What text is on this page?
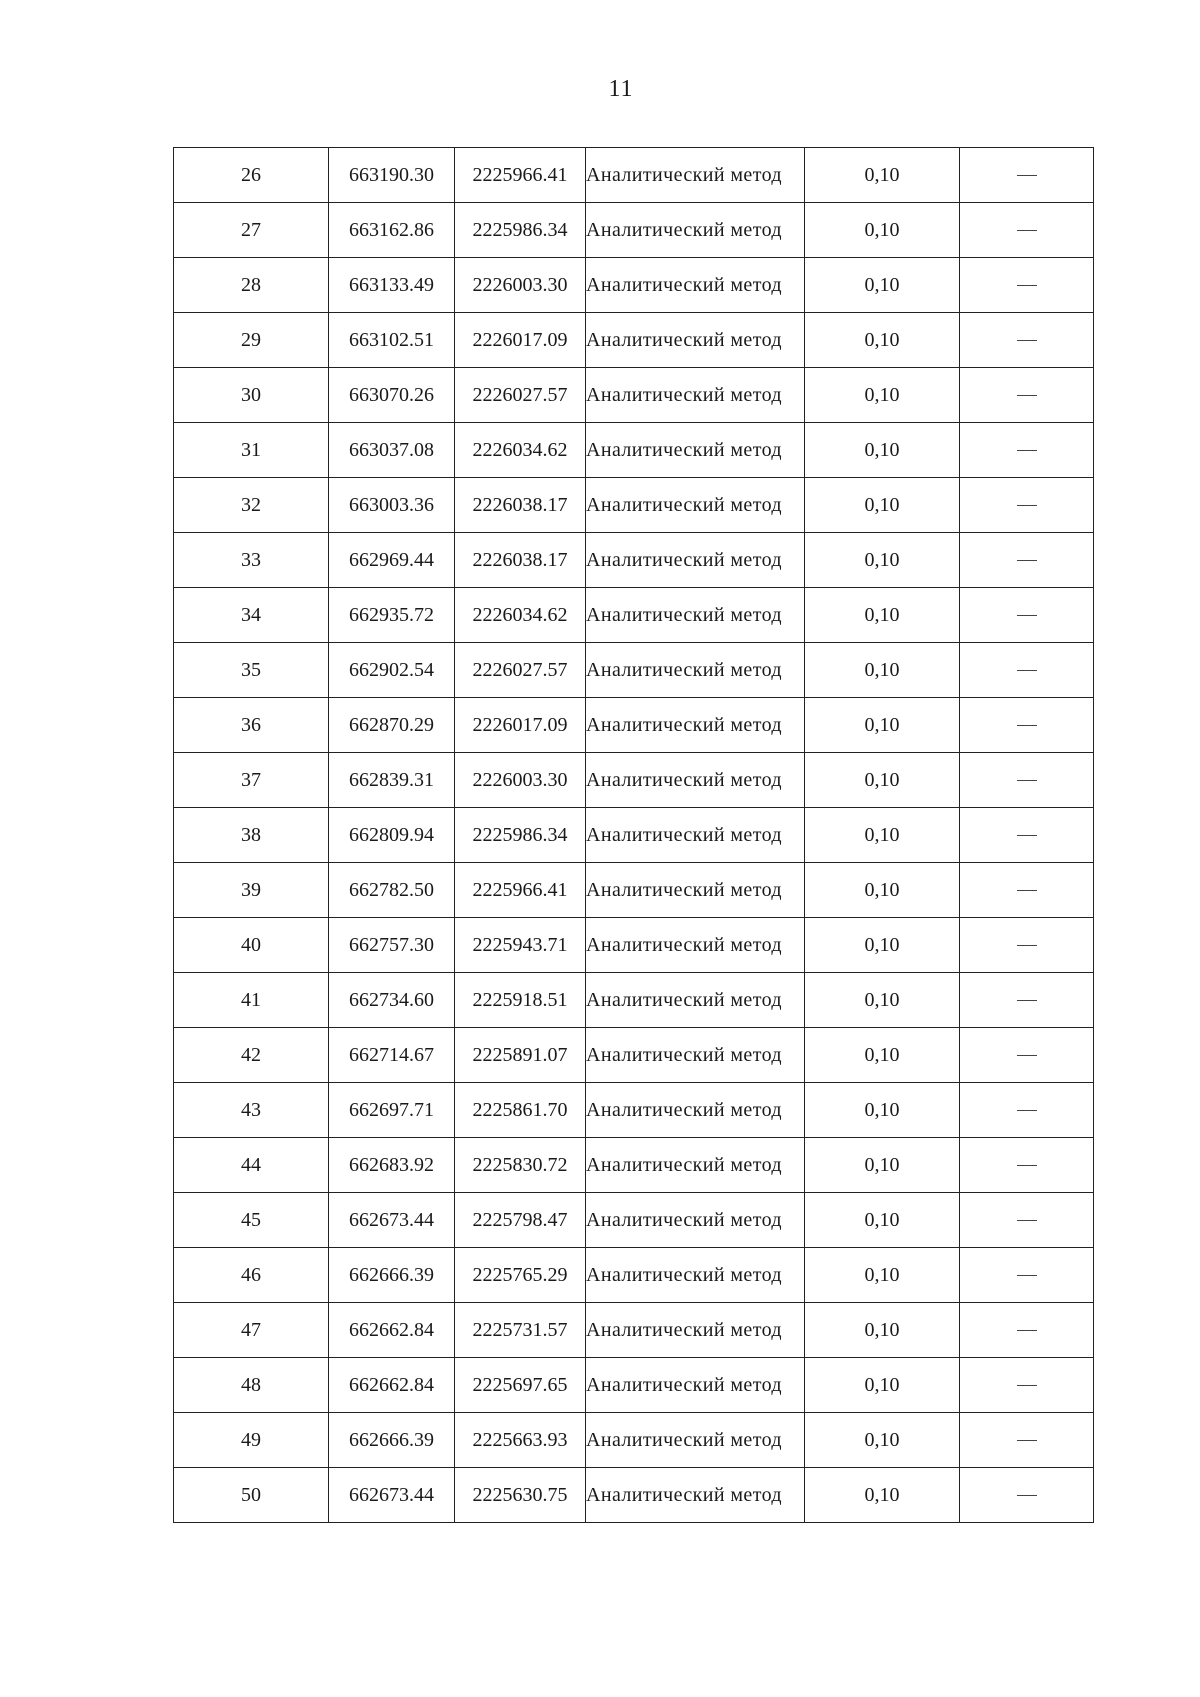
11
26	663190.30	2225966.41	Аналитический метод	0,10	
27	663162.86	2225986.34	Аналитический метод	0,10	
28	663133.49	2226003.30	Аналитический метод	0,10	
29	663102.51	2226017.09	Аналитический метод	0,10	
30	663070.26	2226027.57	Аналитический метод	0,10	
31	663037.08	2226034.62	Аналитический метод	0,10	
32	663003.36	2226038.17	Аналитический метод	0,10	
33	662969.44	2226038.17	Аналитический метод	0,10	
34	662935.72	2226034.62	Аналитический метод	0,10	
35	662902.54	2226027.57	Аналитический метод	0,10	
36	662870.29	2226017.09	Аналитический метод	0,10	
37	662839.31	2226003.30	Аналитический метод	0,10	
38	662809.94	2225986.34	Аналитический метод	0,10	
39	662782.50	2225966.41	Аналитический метод	0,10	
40	662757.30	2225943.71	Аналитический метод	0,10	
41	662734.60	2225918.51	Аналитический метод	0,10	
42	662714.67	2225891.07	Аналитический метод	0,10	
43	662697.71	2225861.70	Аналитический метод	0,10	
44	662683.92	2225830.72	Аналитический метод	0,10	
45	662673.44	2225798.47	Аналитический метод	0,10	
46	662666.39	2225765.29	Аналитический метод	0,10	
47	662662.84	2225731.57	Аналитический метод	0,10	
48	662662.84	2225697.65	Аналитический метод	0,10	
49	662666.39	2225663.93	Аналитический метод	0,10	
50	662673.44	2225630.75	Аналитический метод	0,10	
